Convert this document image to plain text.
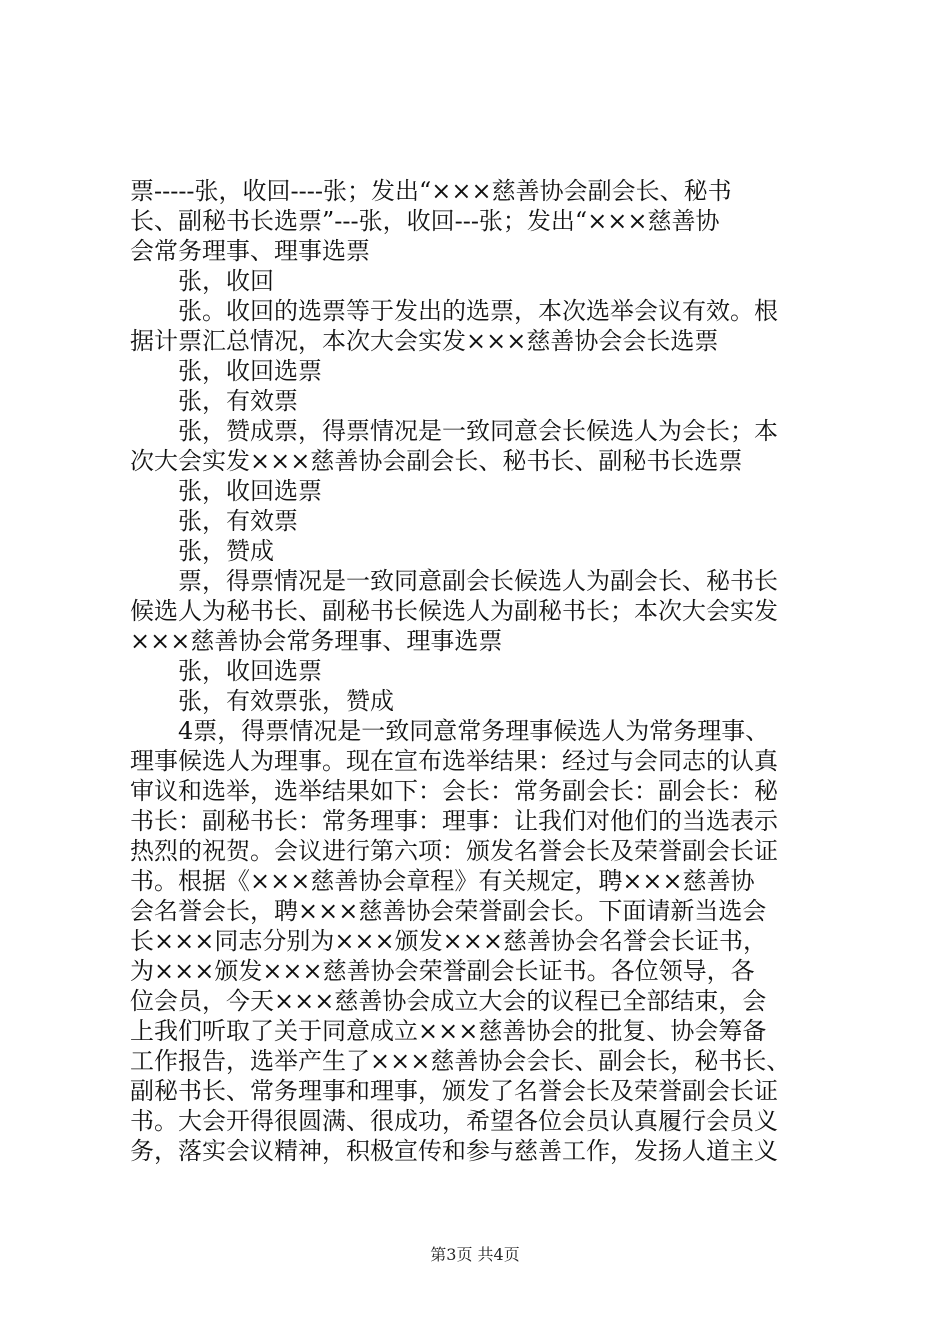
票-----张，收回----张；发出“×××慈善协会副会长、秘书
长、副秘书长选票”---张，收回---张；发出“×××慈善协
会常务理事、理事选票
张，收回
张。收回的选票等于发出的选票，本次选举会议有效。根
据计票汇总情况，本次大会实发×××慈善协会会长选票
张，收回选票
张，有效票
张，赞成票，得票情况是一致同意会长候选人为会长；本
次大会实发×××慈善协会副会长、秘书长、副秘书长选票
张，收回选票
张，有效票
张，赞成
票，得票情况是一致同意副会长候选人为副会长、秘书长
候选人为秘书长、副秘书长候选人为副秘书长；本次大会实发
×××慈善协会常务理事、理事选票
张，收回选票
张，有效票张，赞成
4票，得票情况是一致同意常务理事候选人为常务理事、
理事候选人为理事。现在宣布选举结果：经过与会同志的认真
审议和选举，选举结果如下：会长：常务副会长：副会长：秘
书长：副秘书长：常务理事：理事：让我们对他们的当选表示
热烈的祝贺。会议进行第六项：颁发名誉会长及荣誉副会长证
书。根据《×××慈善协会章程》有关规定，聘×××慈善协
会名誉会长，聘×××慈善协会荣誉副会长。下面请新当选会
长×××同志分别为×××颁发×××慈善协会名誉会长证书，
为×××颁发×××慈善协会荣誉副会长证书。各位领导，各
位会员，今天×××慈善协会成立大会的议程已全部结束，会
上我们听取了关于同意成立×××慈善协会的批复、协会筹备
工作报告，选举产生了×××慈善协会会长、副会长，秘书长、
副秘书长、常务理事和理事，颁发了名誉会长及荣誉副会长证
书。大会开得很圆满、很成功，希望各位会员认真履行会员义
务，落实会议精神，积极宣传和参与慈善工作，发扬人道主义
第3页 共4页
